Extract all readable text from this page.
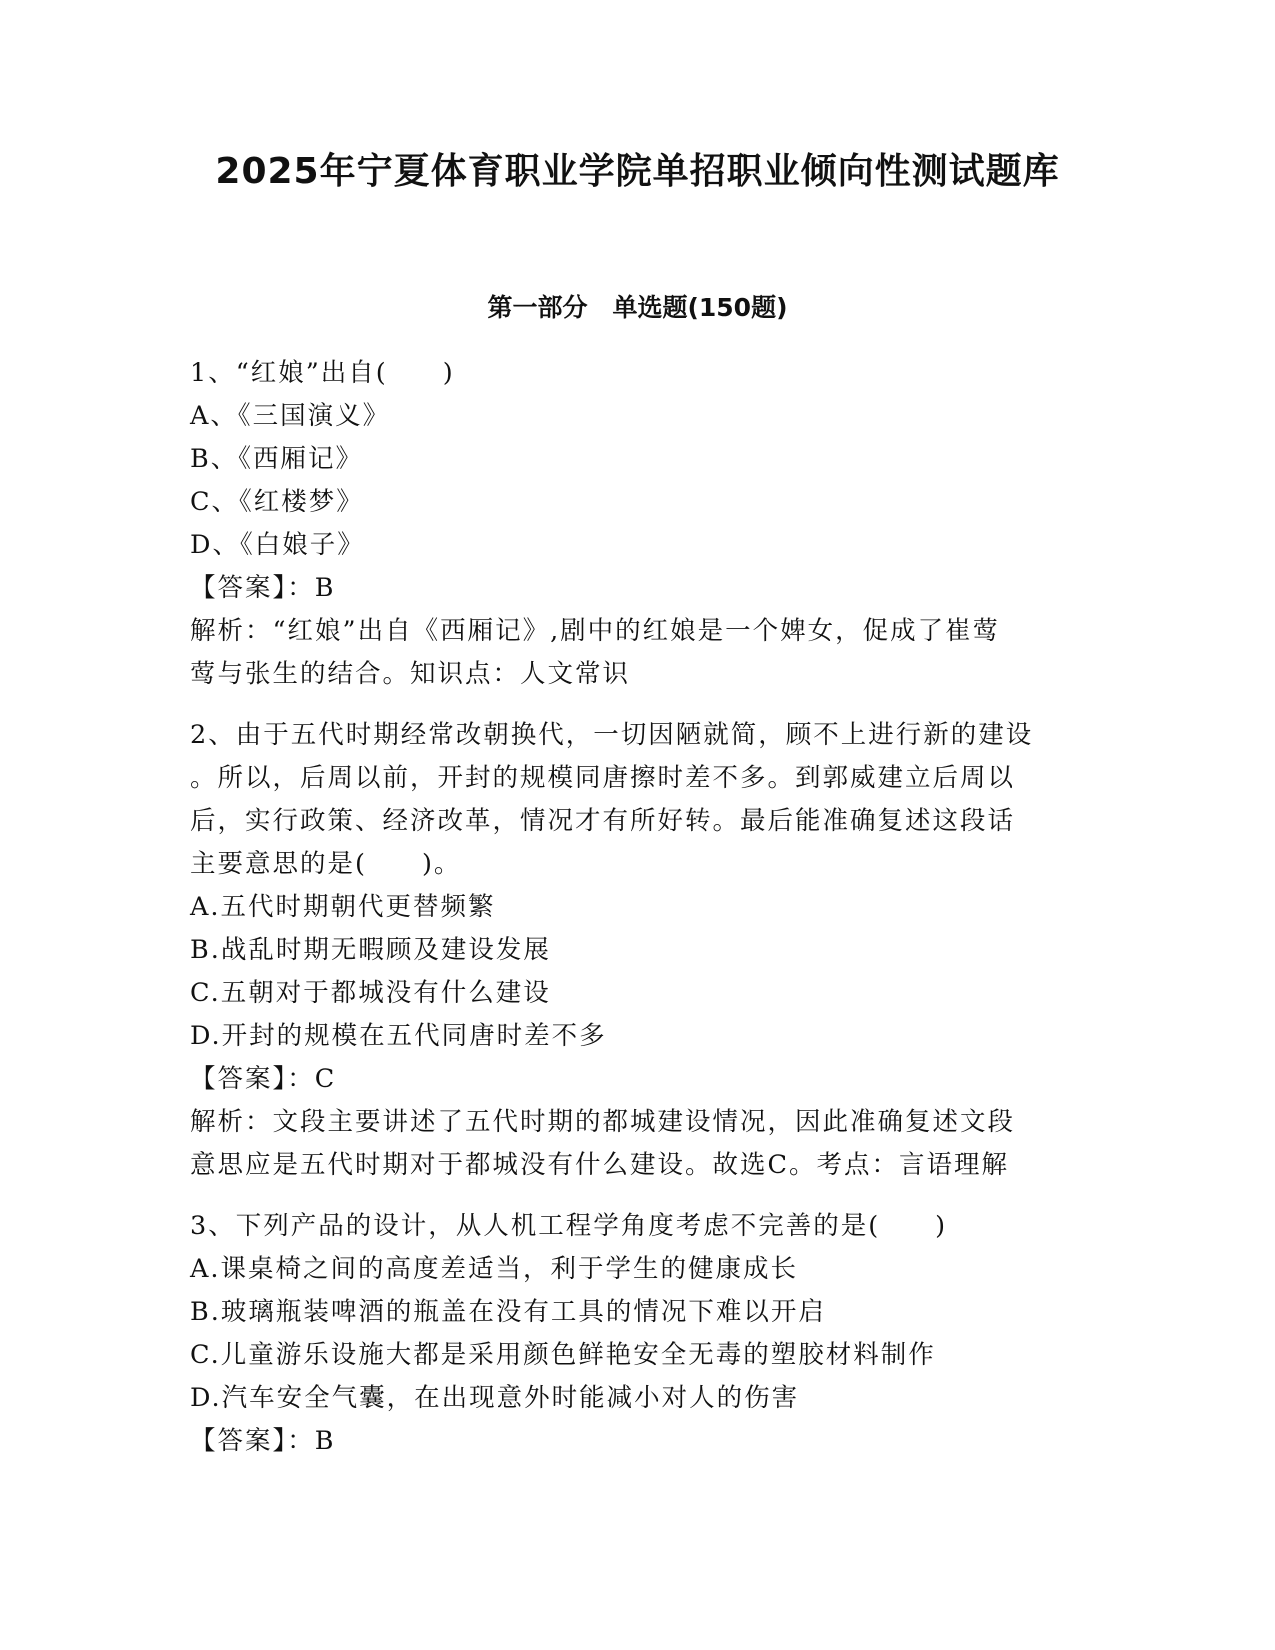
2025年宁夏体育职业学院单招职业倾向性测试题库
第一部分　单选题(150题)
1、“红娘”出自(　　)
A、《三国演义》
B、《西厢记》
C、《红楼梦》
D、《白娘子》
【答案】：B
解析：“红娘”出自《西厢记》,剧中的红娘是一个婢女，促成了崔莺
莺与张生的结合。知识点：人文常识
2、由于五代时期经常改朝换代，一切因陋就简，顾不上进行新的建设
。所以，后周以前，开封的规模同唐擦时差不多。到郭威建立后周以
后，实行政策、经济改革，情况才有所好转。最后能准确复述这段话
主要意思的是(　　)。
A.五代时期朝代更替频繁
B.战乱时期无暇顾及建设发展
C.五朝对于都城没有什么建设
D.开封的规模在五代同唐时差不多
【答案】：C
解析：文段主要讲述了五代时期的都城建设情况，因此准确复述文段
意思应是五代时期对于都城没有什么建设。故选C。考点：言语理解
3、下列产品的设计，从人机工程学角度考虑不完善的是(　　)
A.课桌椅之间的高度差适当，利于学生的健康成长
B.玻璃瓶装啤酒的瓶盖在没有工具的情况下难以开启
C.儿童游乐设施大都是采用颜色鲜艳安全无毒的塑胶材料制作
D.汽车安全气囊，在出现意外时能减小对人的伤害
【答案】：B
